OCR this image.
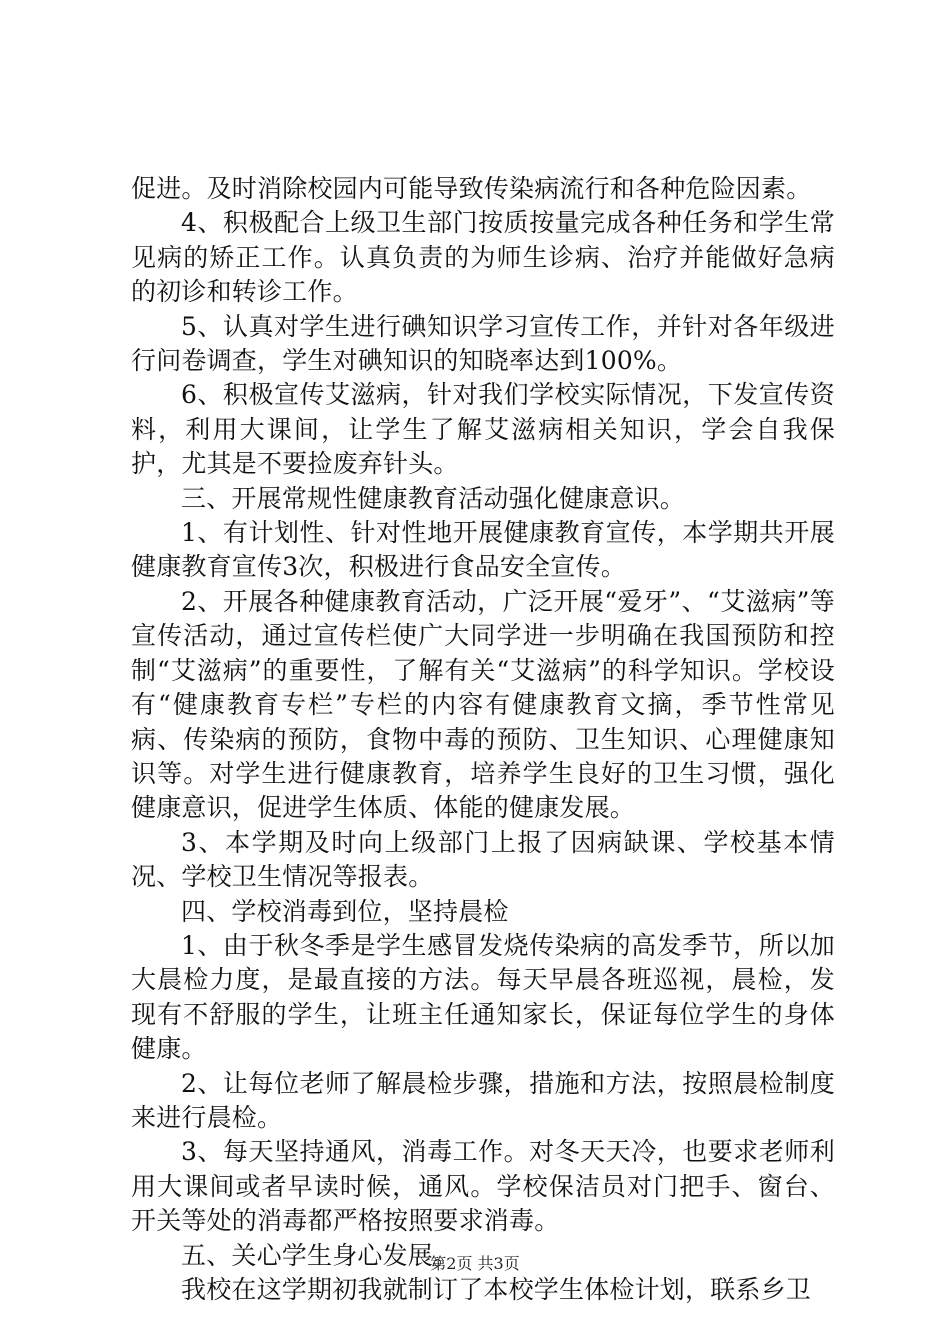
促进。及时消除校园内可能导致传染病流行和各种危险因素。

4、积极配合上级卫生部门按质按量完成各种任务和学生常见病的矫正工作。认真负责的为师生诊病、治疗并能做好急病的初诊和转诊工作。

5、认真对学生进行碘知识学习宣传工作，并针对各年级进行问卷调查，学生对碘知识的知晓率达到100%。

6、积极宣传艾滋病，针对我们学校实际情况，下发宣传资料，利用大课间，让学生了解艾滋病相关知识，学会自我保护，尤其是不要捡废弃针头。

三、开展常规性健康教育活动强化健康意识。

1、有计划性、针对性地开展健康教育宣传，本学期共开展健康教育宣传3次，积极进行食品安全宣传。

2、开展各种健康教育活动，广泛开展“爱牙”、“艾滋病”等宣传活动，通过宣传栏使广大同学进一步明确在我国预防和控制“艾滋病”的重要性，了解有关“艾滋病”的科学知识。学校设有“健康教育专栏”专栏的内容有健康教育文摘，季节性常见病、传染病的预防，食物中毒的预防、卫生知识、心理健康知识等。对学生进行健康教育，培养学生良好的卫生习惯，强化健康意识，促进学生体质、体能的健康发展。

3、本学期及时向上级部门上报了因病缺课、学校基本情况、学校卫生情况等报表。

四、学校消毒到位，坚持晨检

1、由于秋冬季是学生感冒发烧传染病的高发季节，所以加大晨检力度，是最直接的方法。每天早晨各班巡视，晨检，发现有不舒服的学生，让班主任通知家长，保证每位学生的身体健康。

2、让每位老师了解晨检步骤，措施和方法，按照晨检制度来进行晨检。

3、每天坚持通风，消毒工作。对冬天天冷，也要求老师利用大课间或者早读时候，通风。学校保洁员对门把手、窗台、开关等处的消毒都严格按照要求消毒。

五、关心学生身心发展。

我校在这学期初我就制订了本校学生体检计划，联系乡卫

第2页 共3页
